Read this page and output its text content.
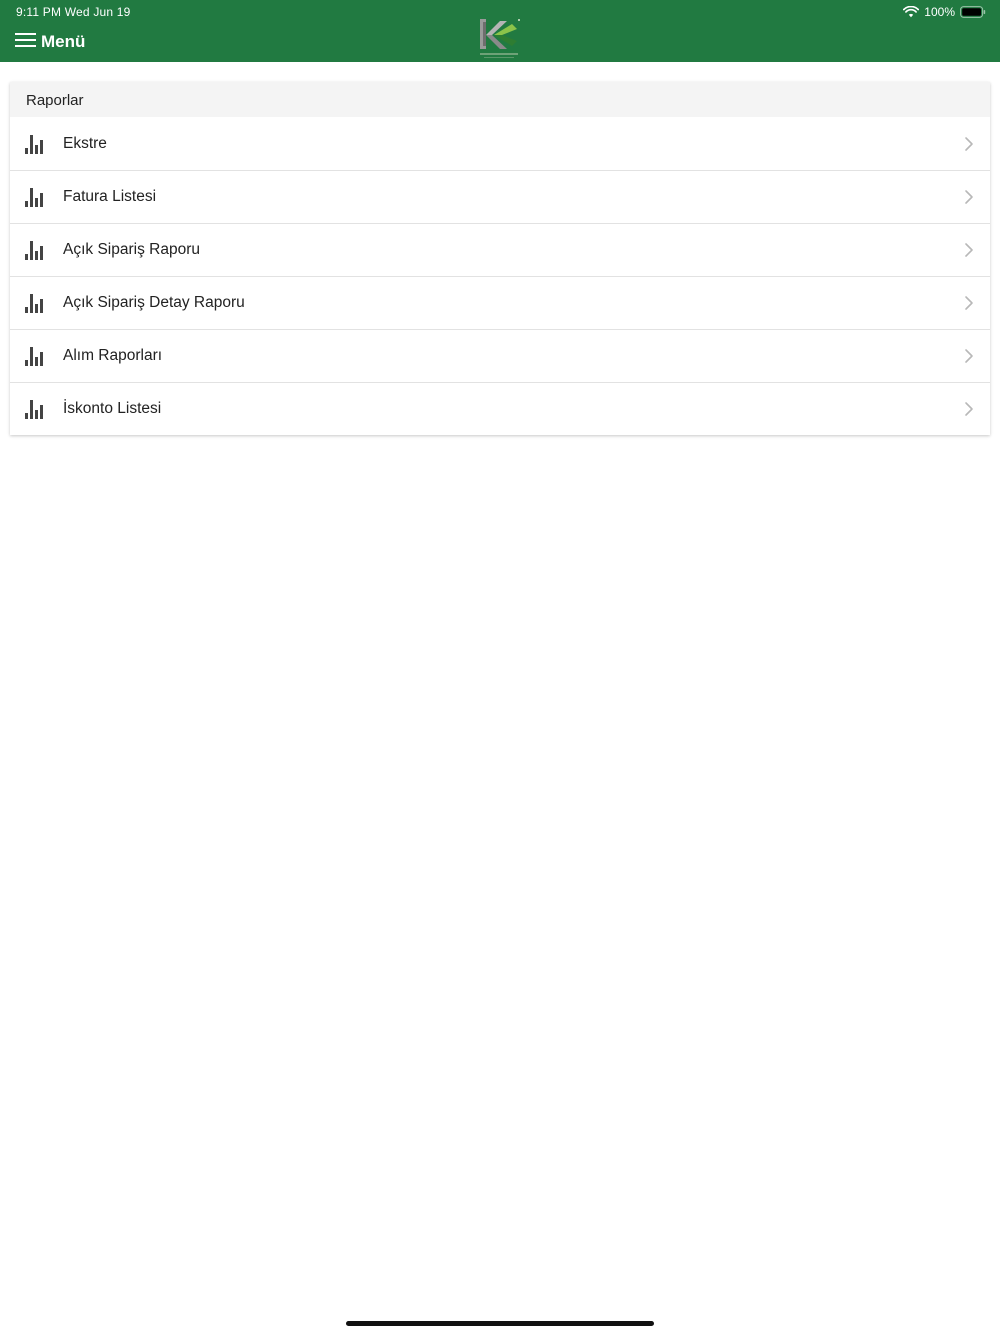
9:11 PM Wed Jun 19	100%
Menü
Raporlar
Ekstre
Fatura Listesi
Açık Sipariş Raporu
Açık Sipariş Detay Raporu
Alım Raporları
İskonto Listesi
